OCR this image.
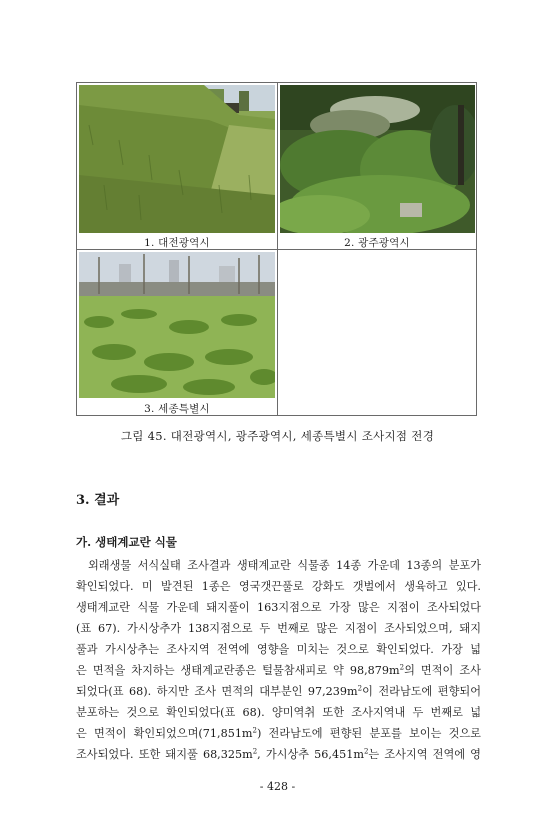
1. 대전광역시	2. 광주광역시
3. 세종특별시
그림 45. 대전광역시, 광주광역시, 세종특별시 조사지점 전경
3. 결과
가. 생태계교란 식물
외래생물 서식실태 조사결과 생태계교란 식물종 14종 가운데 13종의 분포가
확인되었다. 미 발견된 1종은 영국갯끈풀로 강화도 갯벌에서 생육하고 있다.
생태계교란 식물 가운데 돼지풀이 163지점으로 가장 많은 지점이 조사되었다
(표 67). 가시상추가 138지점으로 두 번째로 많은 지점이 조사되었으며, 돼지
풀과 가시상추는 조사지역 전역에 영향을 미치는 것으로 확인되었다. 가장 넓
은 면적을 차지하는 생태계교란종은 털물참새피로 약 $98,879m^2$의 면적이 조사
되었다(표 68). 하지만 조사 면적의 대부분인 $97,239m^2$이 전라남도에 편향되어
분포하는 것으로 확인되었다(표 68). 양미역취 또한 조사지역내 두 번째로 넓
은 면적이 확인되었으며$(71,851m^2)$ 전라남도에 편향된 분포를 보이는 것으로
조사되었다. 또한 돼지풀 $68,325m^2$, 가시상추 $56,451m^2$는 조사지역 전역에 영
- 428 -
